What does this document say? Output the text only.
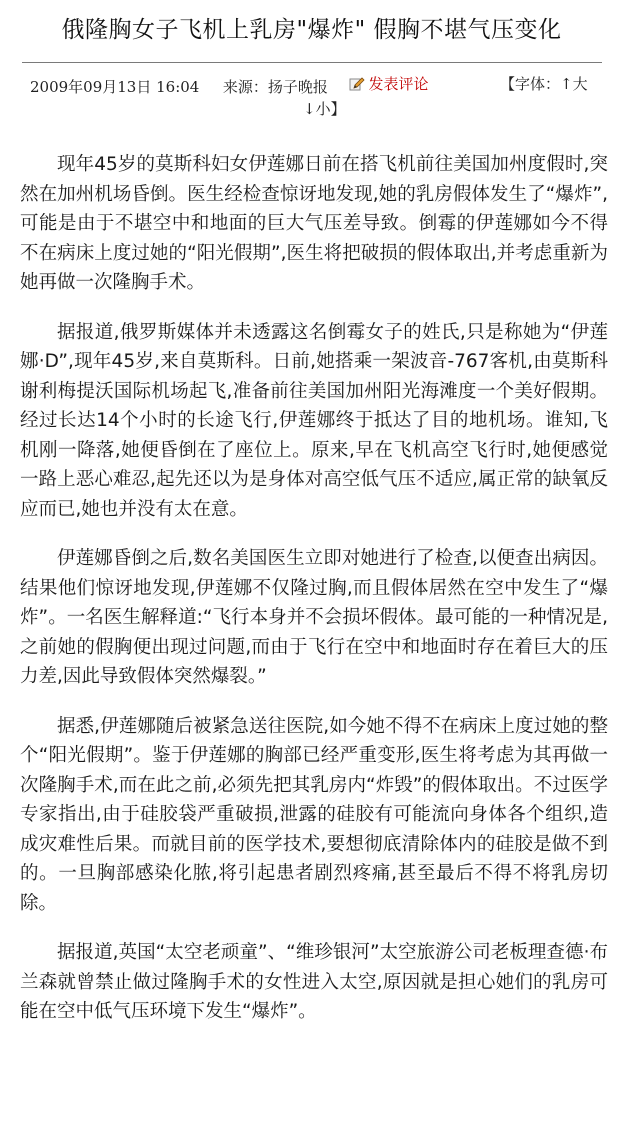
俄隆胸女子飞机上乳房"爆炸" 假胸不堪气压变化
2009年09月13日 16:04 来源：扬子晚报	发表评论	【字体：↑大
↓小】

现年45岁的莫斯科妇女伊莲娜日前在搭飞机前往美国加州度假时,突然在加州机场昏倒。医生经检查惊讶地发现,她的乳房假体发生了“爆炸”,可能是由于不堪空中和地面的巨大气压差导致。倒霉的伊莲娜如今不得不在病床上度过她的“阳光假期”,医生将把破损的假体取出,并考虑重新为她再做一次隆胸手术。

据报道,俄罗斯媒体并未透露这名倒霉女子的姓氏,只是称她为“伊莲娜·D”,现年45岁,来自莫斯科。日前,她搭乘一架波音-767客机,由莫斯科谢利梅提沃国际机场起飞,准备前往美国加州阳光海滩度一个美好假期。经过长达14个小时的长途飞行,伊莲娜终于抵达了目的地机场。谁知,飞机刚一降落,她便昏倒在了座位上。原来,早在飞机高空飞行时,她便感觉一路上恶心难忍,起先还以为是身体对高空低气压不适应,属正常的缺氧反应而已,她也并没有太在意。

伊莲娜昏倒之后,数名美国医生立即对她进行了检查,以便查出病因。结果他们惊讶地发现,伊莲娜不仅隆过胸,而且假体居然在空中发生了“爆炸”。一名医生解释道:“飞行本身并不会损坏假体。最可能的一种情况是,之前她的假胸便出现过问题,而由于飞行在空中和地面时存在着巨大的压力差,因此导致假体突然爆裂。”

据悉,伊莲娜随后被紧急送往医院,如今她不得不在病床上度过她的整个“阳光假期”。鉴于伊莲娜的胸部已经严重变形,医生将考虑为其再做一次隆胸手术,而在此之前,必须先把其乳房内“炸毁”的假体取出。不过医学专家指出,由于硅胶袋严重破损,泄露的硅胶有可能流向身体各个组织,造成灾难性后果。而就目前的医学技术,要想彻底清除体内的硅胶是做不到的。一旦胸部感染化脓,将引起患者剧烈疼痛,甚至最后不得不将乳房切除。

据报道,英国“太空老顽童”、“维珍银河”太空旅游公司老板理查德·布兰森就曾禁止做过隆胸手术的女性进入太空,原因就是担心她们的乳房可能在空中低气压环境下发生“爆炸”。
